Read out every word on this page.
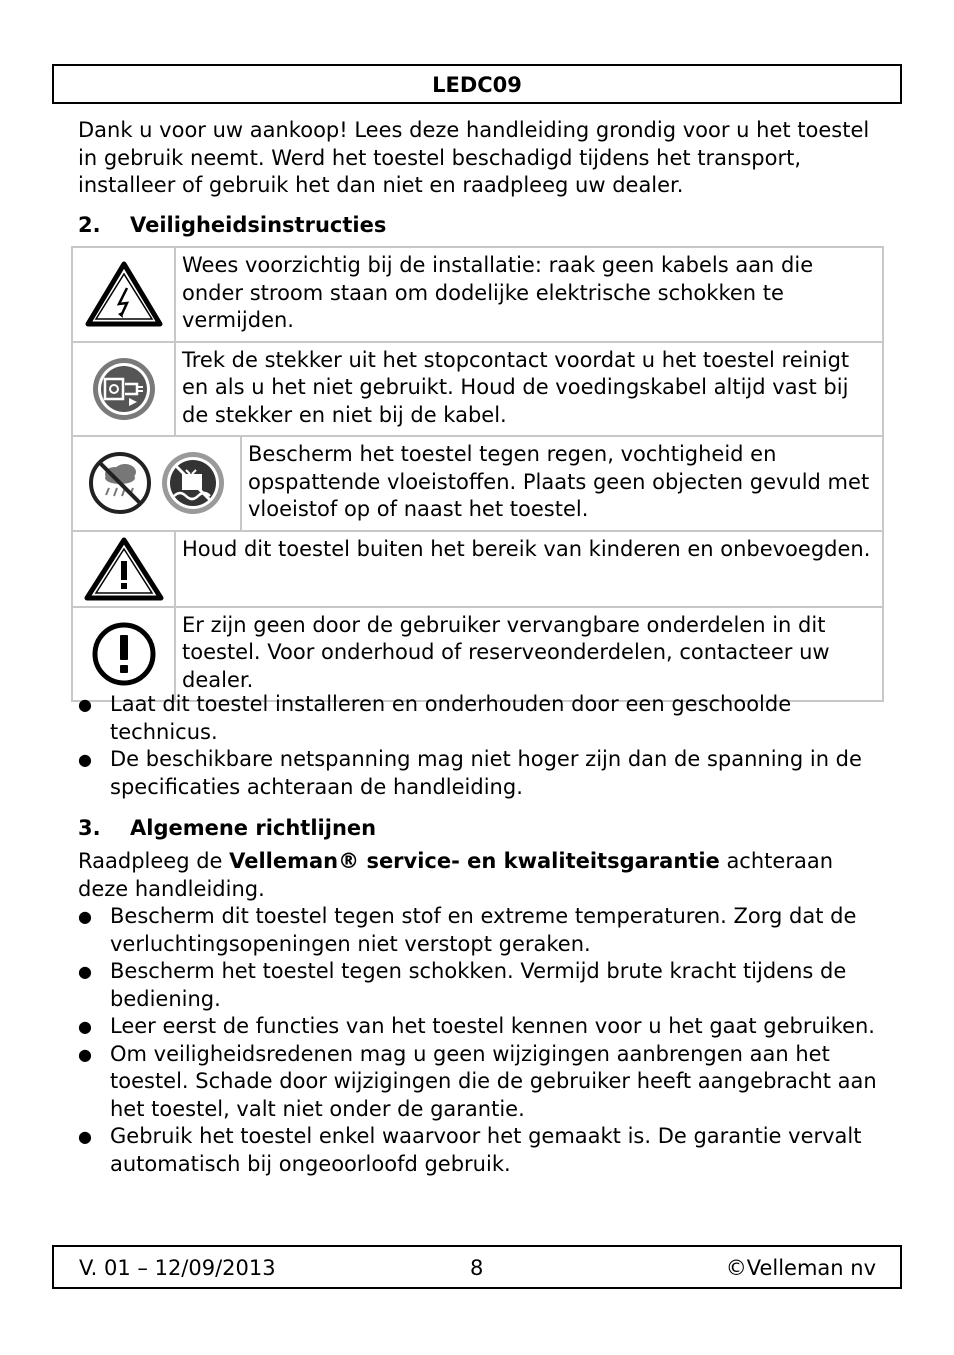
LEDC09
Dank u voor uw aankoop! Lees deze handleiding grondig voor u het toestel in gebruik neemt. Werd het toestel beschadigd tijdens het transport, installeer of gebruik het dan niet en raadpleeg uw dealer.
2. Veiligheidsinstructies
	Wees voorzichtig bij de installatie: raak geen kabels aan die onder stroom staan om dodelijke elektrische schokken te vermijden.	
	Trek de stekker uit het stopcontact voordat u het toestel reinigt en als u het niet gebruikt. Houd de voedingskabel altijd vast bij de stekker en niet bij de kabel.	
	Bescherm het toestel tegen regen, vochtigheid en opspattende vloeistoffen. Plaats geen objecten gevuld met vloeistof op of naast het toestel.
	Houd dit toestel buiten het bereik van kinderen en onbevoegden.	
	Er zijn geen door de gebruiker vervangbare onderdelen in dit toestel. Voor onderhoud of reserveonderdelen, contacteer uw dealer.	
● Laat dit toestel installeren en onderhouden door een geschoolde technicus.
● De beschikbare netspanning mag niet hoger zijn dan de spanning in de specificaties achteraan de handleiding.
3. Algemene richtlijnen
Raadpleeg de Velleman® service- en kwaliteitsgarantie achteraan deze handleiding.
● Bescherm dit toestel tegen stof en extreme temperaturen. Zorg dat de verluchtingsopeningen niet verstopt geraken.
● Bescherm het toestel tegen schokken. Vermijd brute kracht tijdens de bediening.
● Leer eerst de functies van het toestel kennen voor u het gaat gebruiken.
● Om veiligheidsredenen mag u geen wijzigingen aanbrengen aan het toestel. Schade door wijzigingen die de gebruiker heeft aangebracht aan het toestel, valt niet onder de garantie.
● Gebruik het toestel enkel waarvoor het gemaakt is. De garantie vervalt automatisch bij ongeoorloofd gebruik.
V. 01 – 12/09/2013	8	©Velleman nv
